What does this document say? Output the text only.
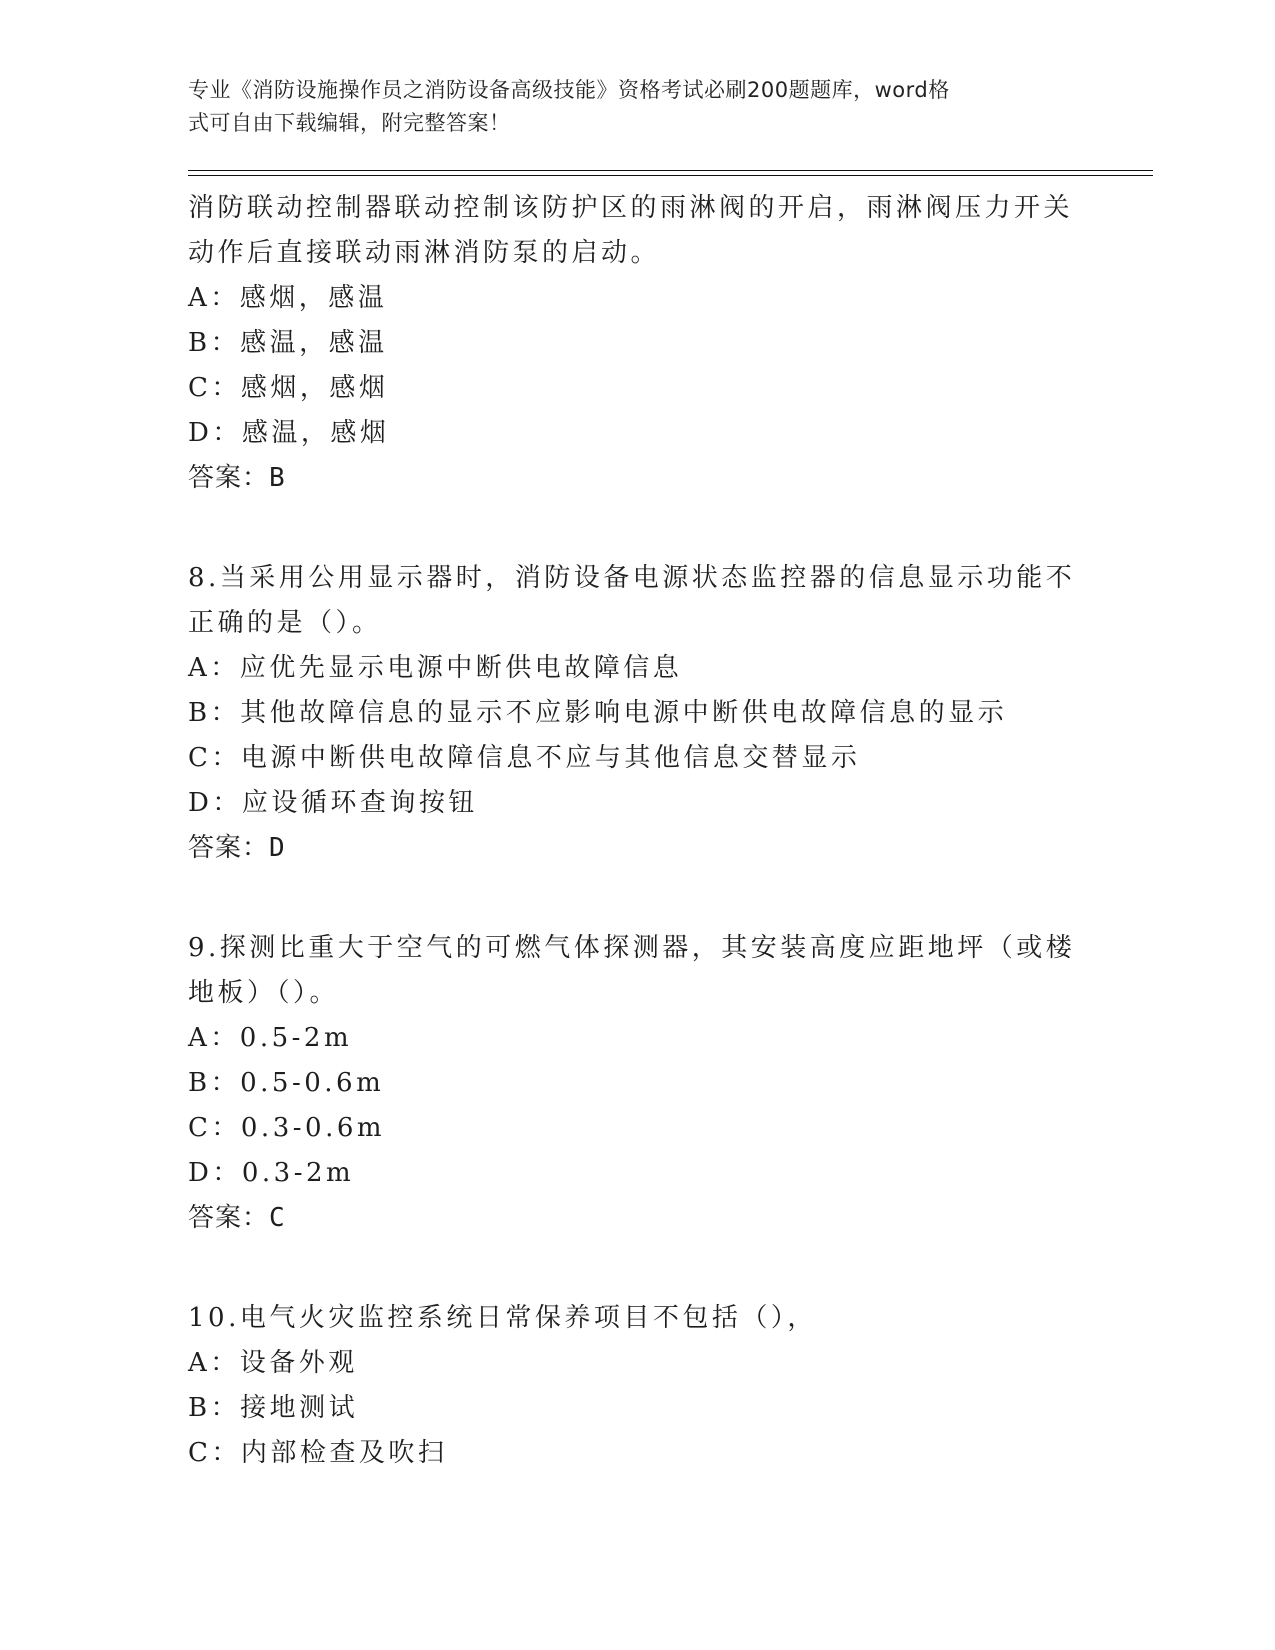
专业《消防设施操作员之消防设备高级技能》资格考试必刷200题题库，word格
式可自由下载编辑，附完整答案！

消防联动控制器联动控制该防护区的雨淋阀的开启，雨淋阀压力开关

动作后直接联动雨淋消防泵的启动。

A：感烟，感温

B：感温，感温

C：感烟，感烟

D：感温，感烟

答案：B

8.当采用公用显示器时，消防设备电源状态监控器的信息显示功能不

正确的是（）。

A：应优先显示电源中断供电故障信息

B：其他故障信息的显示不应影响电源中断供电故障信息的显示

C：电源中断供电故障信息不应与其他信息交替显示

D：应设循环查询按钮

答案：D

9.探测比重大于空气的可燃气体探测器，其安装高度应距地坪（或楼

地板）（）。

A：0.5-2m

B：0.5-0.6m

C：0.3-0.6m

D：0.3-2m

答案：C

10.电气火灾监控系统日常保养项目不包括（），

A：设备外观

B：接地测试

C：内部检查及吹扫
